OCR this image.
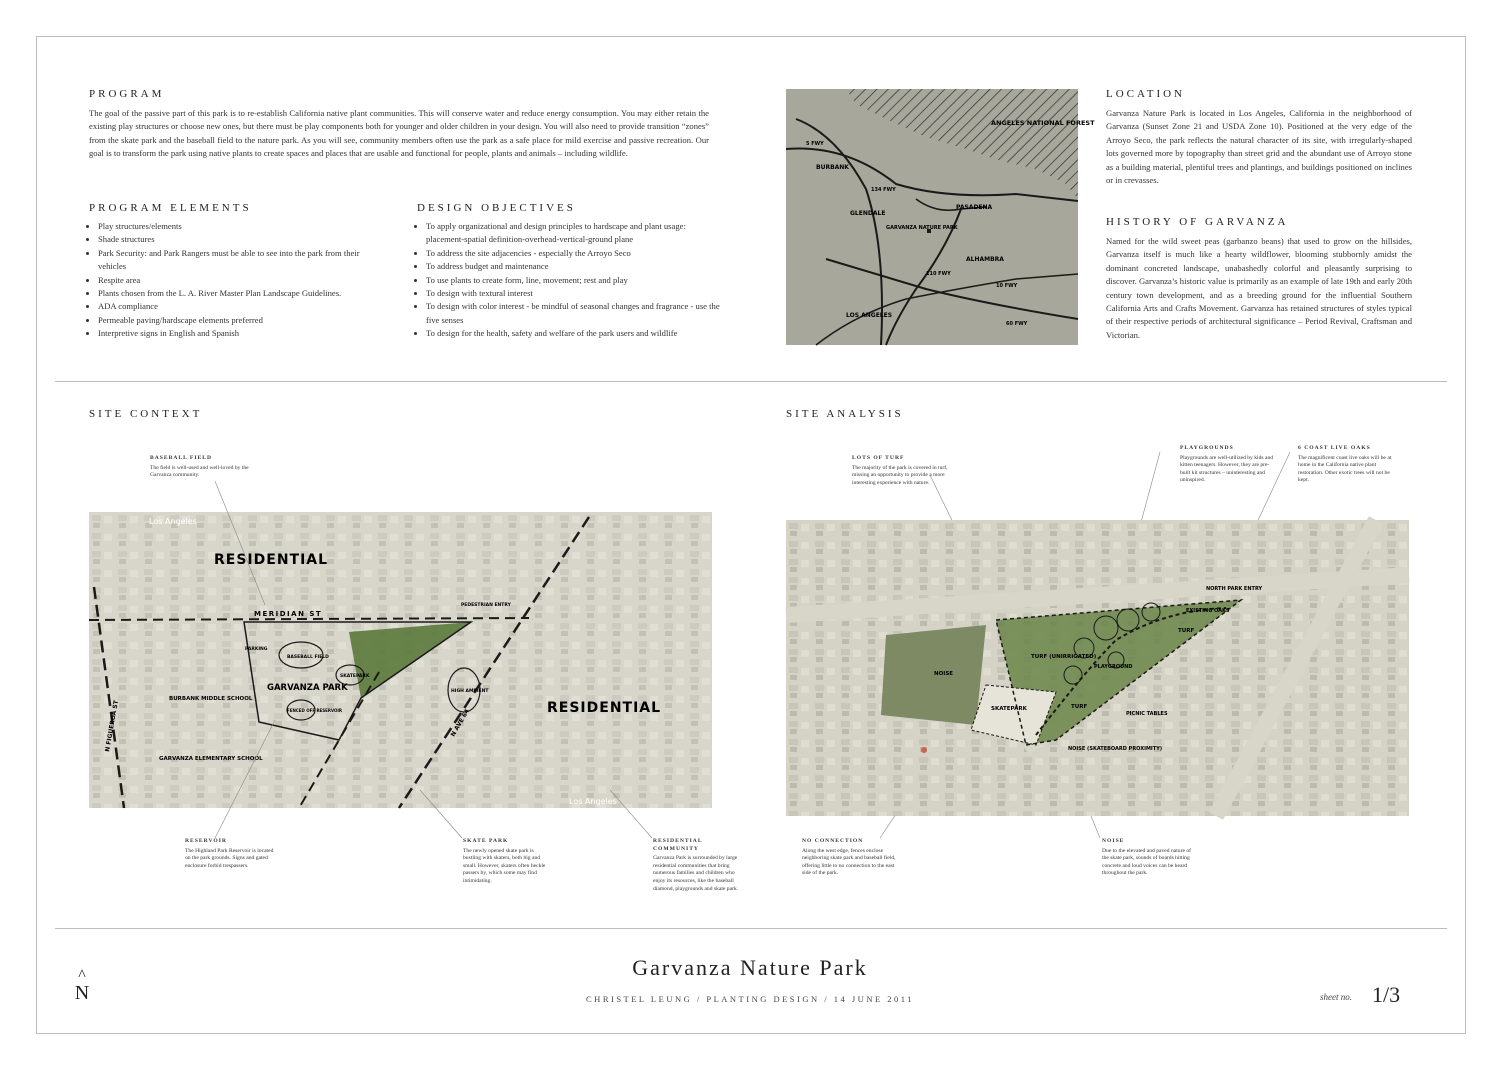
PROGRAM
The goal of the passive part of this park is to re-establish California native plant communities. This will conserve water and reduce energy consumption. You may either retain the existing play structures or choose new ones, but there must be play components both for younger and older children in your design. You will also need to provide transition “zones” from the skate park and the baseball field to the nature park. As you will see, community members often use the park as a safe place for mild exercise and passive recreation. Our goal is to transform the park using native plants to create spaces and places that are usable and functional for people, plants and animals – including wildlife.
PROGRAM ELEMENTS
• Play structures/elements
• Shade structures
• Park Security: and Park Rangers must be able to see into the park from their vehicles
• Respite area
• Plants chosen from the L. A. River Master Plan Landscape Guidelines.
• ADA compliance
• Permeable paving/hardscape elements preferred
• Interpretive signs in English and Spanish
DESIGN OBJECTIVES
• To apply organizational and design principles to hardscape and plant usage: placement-spatial definition-overhead-vertical-ground plane
• To address the site adjacencies - especially the Arroyo Seco
• To address budget and maintenance
• To use plants to create form, line, movement; rest and play
• To design with textural interest
• To design with color interest - be mindful of seasonal changes and fragrance - use the five senses
• To design for the health, safety and welfare of the park users and wildlife
ANGELES NATIONAL FOREST
BURBANK
GLENDALE
PASADENA
GARVANZA NATURE PARK
ALHAMBRA
LOS ANGELES
10 FWY
134 FWY
60 FWY
110 FWY
5 FWY
LOCATION
Garvanza Nature Park is located in Los Angeles, California in the neighborhood of Garvanza (Sunset Zone 21 and USDA Zone 10). Positioned at the very edge of the Arroyo Seco, the park reflects the natural character of its site, with irregularly-shaped lots governed more by topography than street grid and the abundant use of Arroyo stone as a building material, plentiful trees and plantings, and buildings positioned on inclines or in crevasses.
HISTORY OF GARVANZA
Named for the wild sweet peas (garbanzo beans) that used to grow on the hillsides, Garvanza itself is much like a hearty wildflower, blooming stubbornly amidst the dominant concreted landscape, unabashedly colorful and pleasantly surprising to discover. Garvanza’s historic value is primarily as an example of late 19th and early 20th century town development, and as a breeding ground for the influential Southern California Arts and Crafts Movement. Garvanza has retained structures of styles typical of their respective periods of architectural significance – Period Revival, Craftsman and Victorian.
SITE CONTEXT
BASEBALL FIELD
The field is well-used and well-loved by the Garvanza community.
RESIDENTIAL
RESIDENTIAL
MERIDIAN ST
GARVANZA PARK
N FIGUEROA ST	N AVE 64
BURBANK MIDDLE SCHOOL
GARVANZA ELEMENTARY SCHOOL
BASEBALL FIELD
SKATEPARK
FENCED OFF RESERVOIR
PEDESTRIAN ENTRY
PARKING
HIGH AMBIENT
Los Angeles
Los Angeles
RESERVOIR
The Highland Park Reservoir is located on the park grounds. Signs and gated enclosure forbid trespassers.
SKATE PARK
The newly opened skate park is bustling with skaters, both big and small. However, skaters often heckle passers by, which some may find intimidating.
RESIDENTIAL COMMUNITY
Garvanza Park is surrounded by large residential communities that bring numerous families and children who enjoy its resources, like the baseball diamond, playgrounds and skate park.
SITE ANALYSIS
LOTS OF TURF
The majority of the park is covered in turf, missing an opportunity to provide a more interesting experience with nature.
PLAYGROUNDS
Playgrounds are well-utilized by kids and kitten teenagers. However, they are pre-built kit structures – uninteresting and uninspired.
6 COAST LIVE OAKS
The magnificent coast live oaks will be at home in the California native plant restoration. Other exotic trees will not be kept.
TURF (UNIRRIGATED)
TURF
TURF
SKATEPARK
NOISE
NOISE (SKATEBOARD PROXIMITY)
PICNIC TABLES
PLAYGROUND
EXISTING OAKS
NORTH PARK ENTRY
NO CONNECTION
Along the west edge, fences enclose neighboring skate park and baseball field, offering little to no connection to the east side of the park.
NOISE
Due to the elevated and paved nature of the skate park, sounds of boards hitting concrete and loud voices can be heard throughout the park.
^
N
Garvanza Nature Park
CHRISTEL LEUNG / PLANTING DESIGN / 14 JUNE 2011	sheet no. 1/3
